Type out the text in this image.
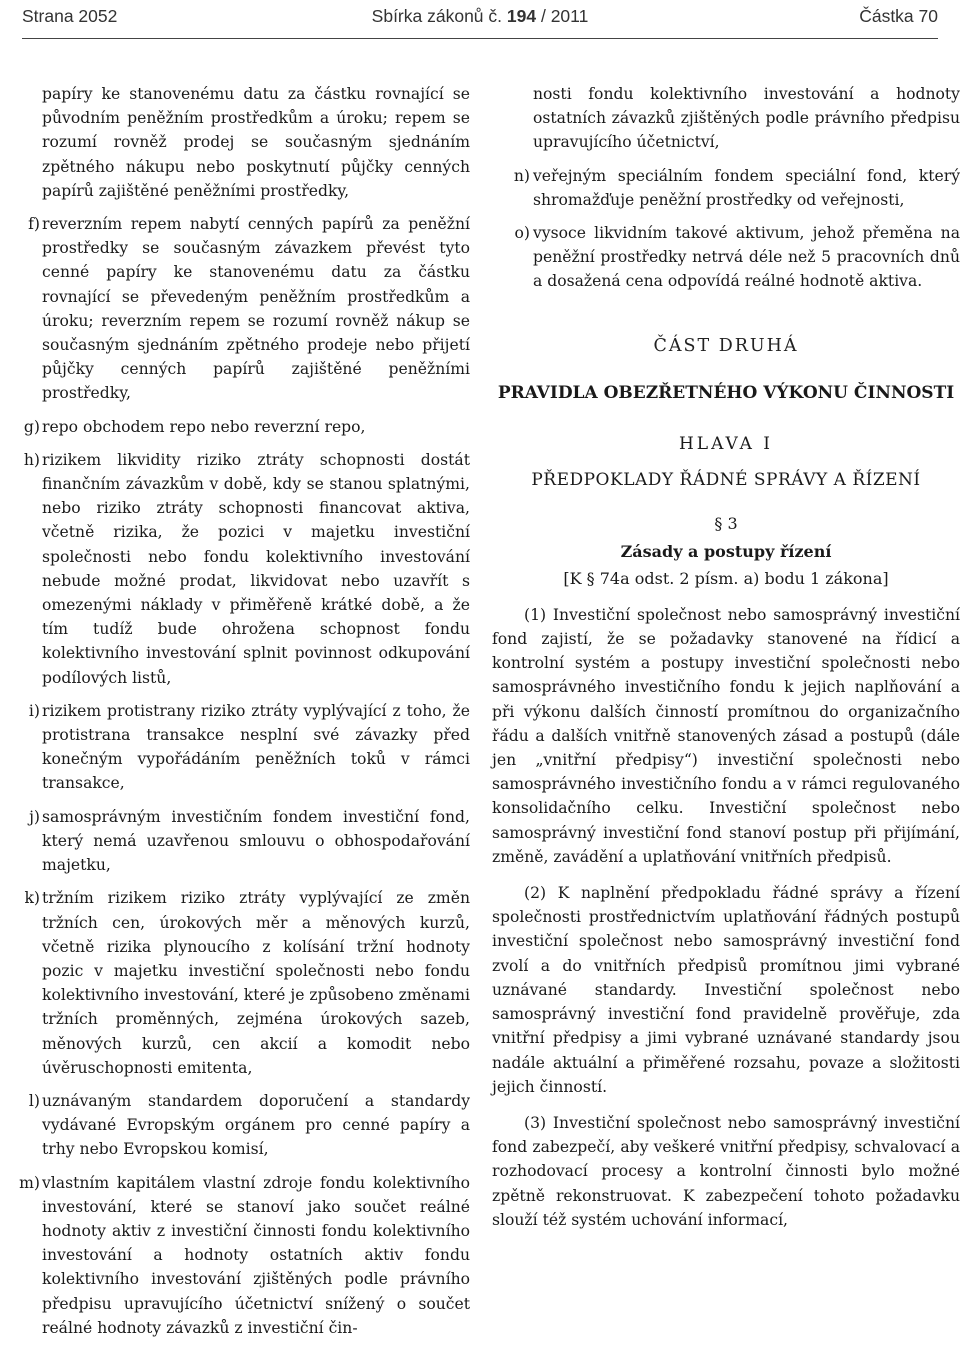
Strana 2052	Sbírka zákonů č. 194 / 2011	Částka 70

papíry ke stanovenému datu za částku rovnající se původním peněžním prostředkům a úroku; repem se rozumí rovněž prodej se současným sjednáním zpětného nákupu nebo poskytnutí půjčky cenných papírů zajištěné peněžními prostředky,

f) reverzním repem nabytí cenných papírů za peněžní prostředky se současným závazkem převést tyto cenné papíry ke stanovenému datu za částku rovnající se převedeným peněžním prostředkům a úroku; reverzním repem se rozumí rovněž nákup se současným sjednáním zpětného prodeje nebo přijetí půjčky cenných papírů zajištěné peněžními prostředky,
g) repo obchodem repo nebo reverzní repo,
h) rizikem likvidity riziko ztráty schopnosti dostát finančním závazkům v době, kdy se stanou splatnými, nebo riziko ztráty schopnosti financovat aktiva, včetně rizika, že pozici v majetku investiční společnosti nebo fondu kolektivního investování nebude možné prodat, likvidovat nebo uzavřít s omezenými náklady v přiměřeně krátké době, a že tím tudíž bude ohrožena schopnost fondu kolektivního investování splnit povinnost odkupování podílových listů,
i) rizikem protistrany riziko ztráty vyplývající z toho, že protistrana transakce nesplní své závazky před konečným vypořádáním peněžních toků v rámci transakce,
j) samosprávným investičním fondem investiční fond, který nemá uzavřenou smlouvu o obhospodařování majetku,
k) tržním rizikem riziko ztráty vyplývající ze změn tržních cen, úrokových měr a měnových kurzů, včetně rizika plynoucího z kolísání tržní hodnoty pozic v majetku investiční společnosti nebo fondu kolektivního investování, které je způsobeno změnami tržních proměnných, zejména úrokových sazeb, měnových kurzů, cen akcií a komodit nebo úvěruschopnosti emitenta,
l) uznávaným standardem doporučení a standardy vydávané Evropským orgánem pro cenné papíry a trhy nebo Evropskou komisí,
m) vlastním kapitálem vlastní zdroje fondu kolektivního investování, které se stanoví jako součet reálné hodnoty aktiv z investiční činnosti fondu kolektivního investování a hodnoty ostatních aktiv fondu kolektivního investování zjištěných podle právního předpisu upravujícího účetnictví snížený o součet reálné hodnoty závazků z investiční čin-

nosti fondu kolektivního investování a hodnoty ostatních závazků zjištěných podle právního předpisu upravujícího účetnictví,

n) veřejným speciálním fondem speciální fond, který shromažďuje peněžní prostředky od veřejnosti,
o) vysoce likvidním takové aktivum, jehož přeměna na peněžní prostředky netrvá déle než 5 pracovních dnů a dosažená cena odpovídá reálné hodnotě aktiva.
ČÁST DRUHÁ
PRAVIDLA OBEZŘETNÉHO VÝKONU ČINNOSTI
HLAVA I
PŘEDPOKLADY ŘÁDNÉ SPRÁVY A ŘÍZENÍ
§ 3
Zásady a postupy řízení
[K § 74a odst. 2 písm. a) bodu 1 zákona]

(1) Investiční společnost nebo samosprávný investiční fond zajistí, že se požadavky stanovené na řídicí a kontrolní systém a postupy investiční společnosti nebo samosprávného investičního fondu k jejich naplňování a při výkonu dalších činností promítnou do organizačního řádu a dalších vnitřně stanovených zásad a postupů (dále jen „vnitřní předpisy“) investiční společnosti nebo samosprávného investičního fondu a v rámci regulovaného konsolidačního celku. Investiční společnost nebo samosprávný investiční fond stanoví postup při přijímání, změně, zavádění a uplatňování vnitřních předpisů.

(2) K naplnění předpokladu řádné správy a řízení společnosti prostřednictvím uplatňování řádných postupů investiční společnost nebo samosprávný investiční fond zvolí a do vnitřních předpisů promítnou jimi vybrané uznávané standardy. Investiční společnost nebo samosprávný investiční fond pravidelně prověřuje, zda vnitřní předpisy a jimi vybrané uznávané standardy jsou nadále aktuální a přiměřené rozsahu, povaze a složitosti jejich činností.

(3) Investiční společnost nebo samosprávný investiční fond zabezpečí, aby veškeré vnitřní předpisy, schvalovací a rozhodovací procesy a kontrolní činnosti bylo možné zpětně rekonstruovat. K zabezpečení tohoto požadavku slouží též systém uchování informací,
